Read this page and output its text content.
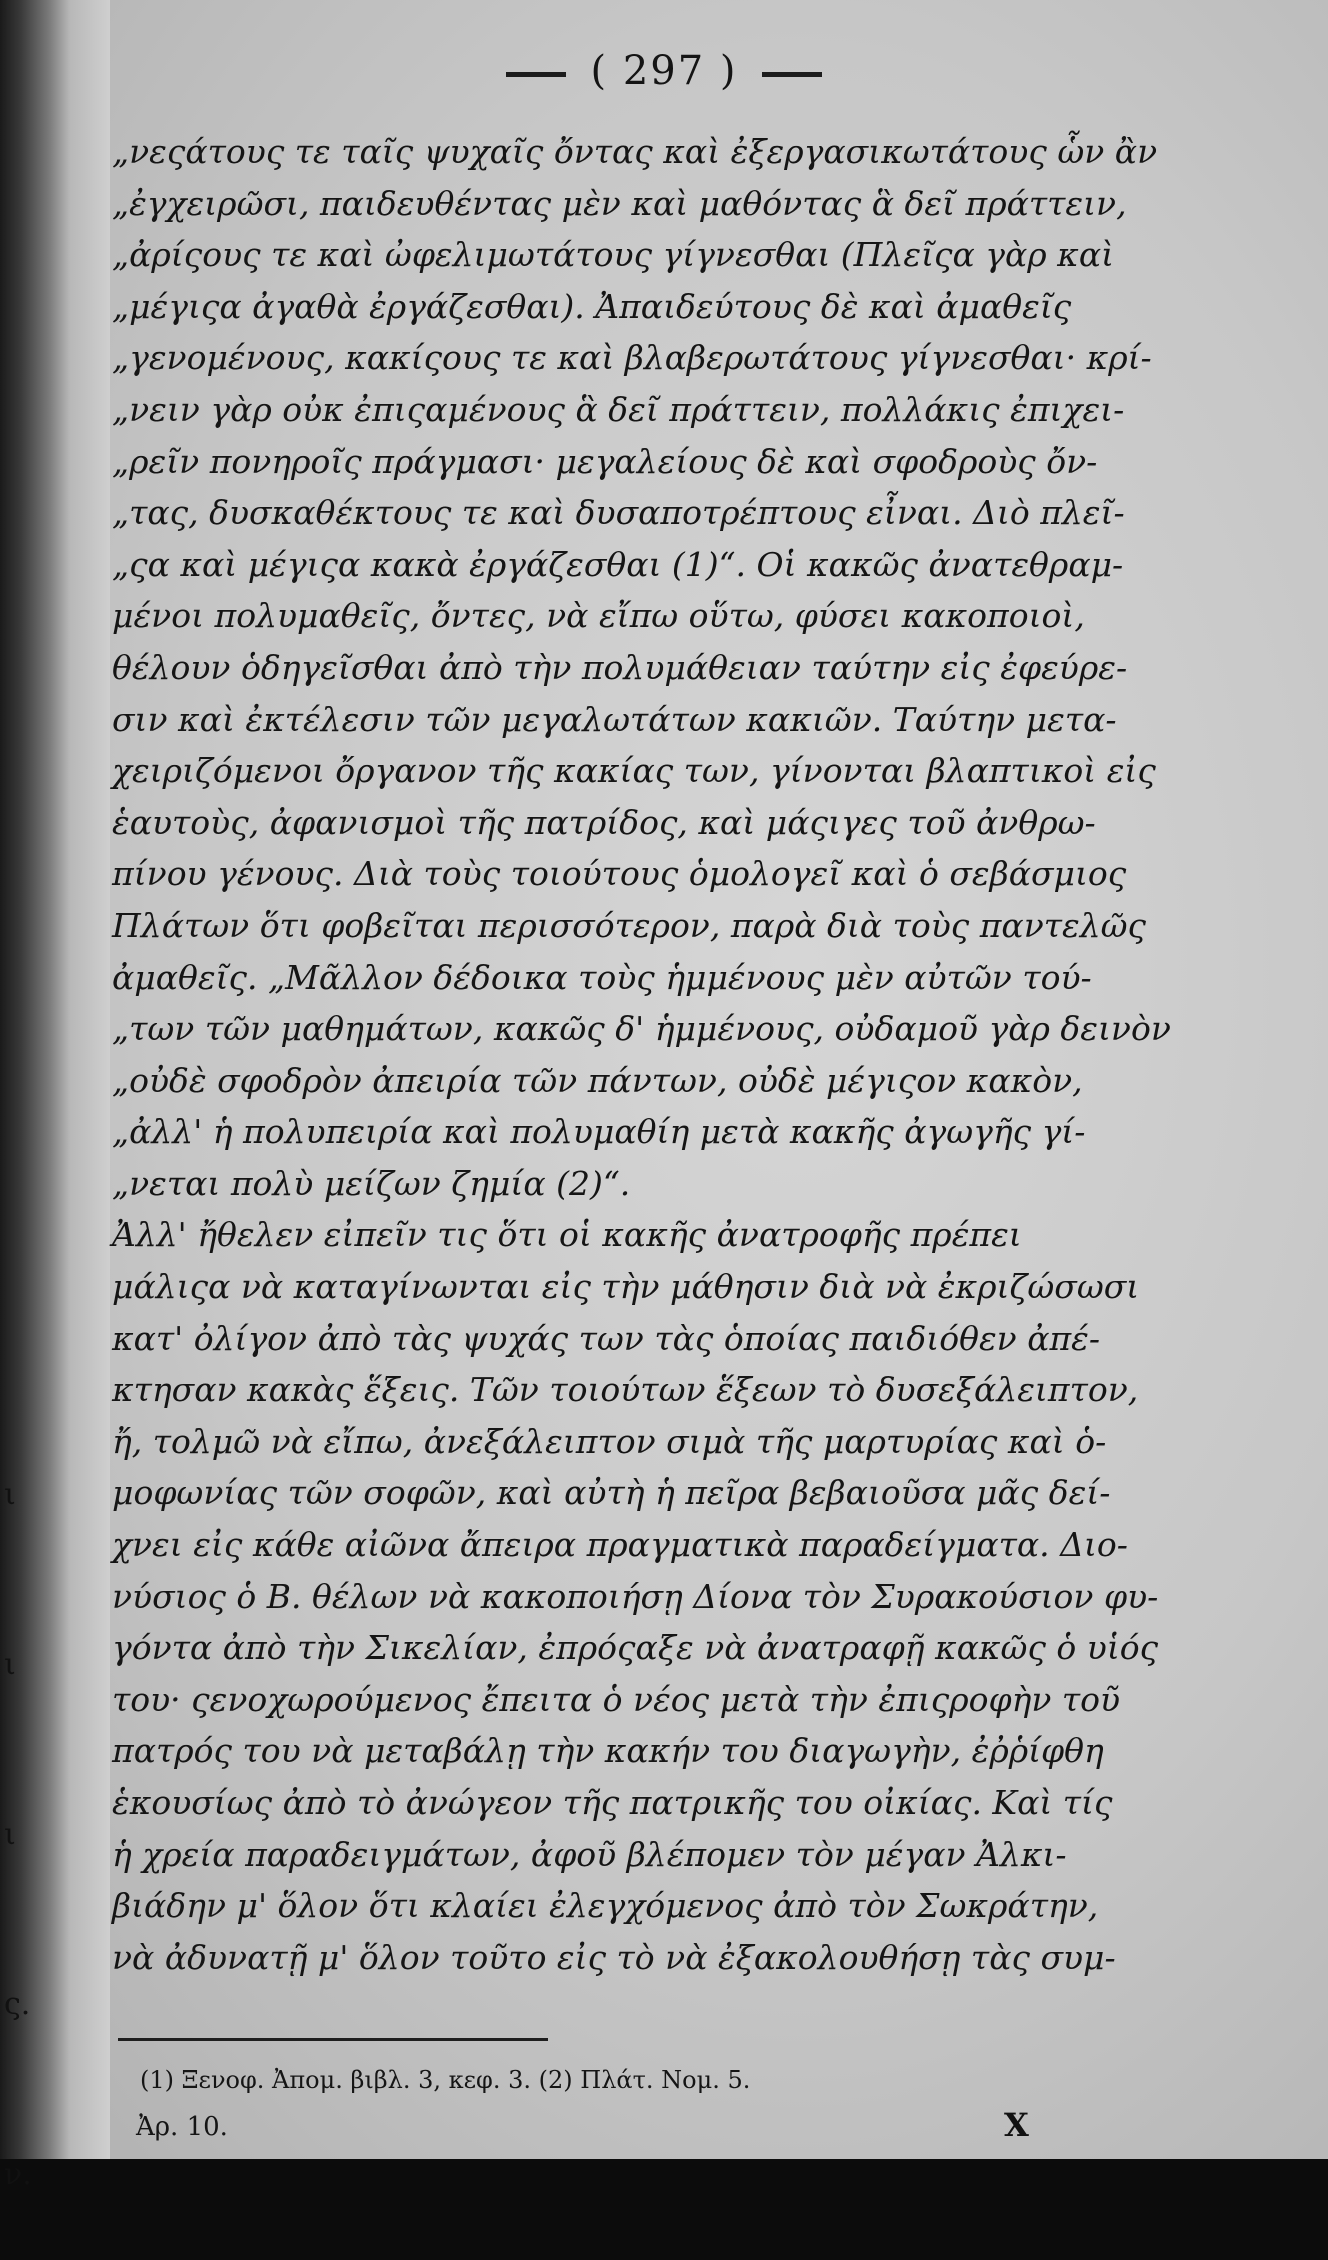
ι
ι
ι
ς.
ν.
( 297 )
„νεςάτους τε ταῖς ψυχαῖς ὄντας καὶ ἐξεργασικωτάτους ὧν ἂν
„ἐγχειρῶσι, παιδευθέντας μὲν καὶ μαθόντας ἃ δεῖ πράττειν,
„ἀρίςους τε καὶ ὠφελιμωτάτους γίγνεσθαι (Πλεῖςα γὰρ καὶ
„μέγιςα ἀγαθὰ ἐργάζεσθαι). Ἀπαιδεύτους δὲ καὶ ἀμαθεῖς
„γενομένους, κακίςους τε καὶ βλαβερωτάτους γίγνεσθαι· κρί-
„νειν γὰρ οὐκ ἐπιςαμένους ἃ δεῖ πράττειν, πολλάκις ἐπιχει-
„ρεῖν πονηροῖς πράγμασι· μεγαλείους δὲ καὶ σφοδροὺς ὄν-
„τας, δυσκαθέκτους τε καὶ δυσαποτρέπτους εἶναι. Διὸ πλεῖ-
„ςα καὶ μέγιςα κακὰ ἐργάζεσθαι (1)“. Οἱ κακῶς ἀνατεθραμ-
μένοι πολυμαθεῖς, ὄντες, νὰ εἴπω οὕτω, φύσει κακοποιοὶ,
θέλουν ὁδηγεῖσθαι ἀπὸ τὴν πολυμάθειαν ταύτην εἰς ἐφεύρε-
σιν καὶ ἐκτέλεσιν τῶν μεγαλωτάτων κακιῶν. Ταύτην μετα-
χειριζόμενοι ὄργανον τῆς κακίας των, γίνονται βλαπτικοὶ εἰς
ἑαυτοὺς, ἀφανισμοὶ τῆς πατρίδος, καὶ μάςιγες τοῦ ἀνθρω-
πίνου γένους. Διὰ τοὺς τοιούτους ὁμολογεῖ καὶ ὁ σεβάσμιος
Πλάτων ὅτι φοβεῖται περισσότερον, παρὰ διὰ τοὺς παντελῶς
ἀμαθεῖς. „Μᾶλλον δέδοικα τοὺς ἡμμένους μὲν αὐτῶν τού-
„των τῶν μαθημάτων, κακῶς δ' ἡμμένους, οὐδαμοῦ γὰρ δεινὸν
„οὐδὲ σφοδρὸν ἀπειρία τῶν πάντων, οὐδὲ μέγιςον κακὸν,
„ἀλλ' ἡ πολυπειρία καὶ πολυμαθίη μετὰ κακῆς ἀγωγῆς γί-
„νεται πολὺ μείζων ζημία (2)“.
Ἀλλ' ἤθελεν εἰπεῖν τις ὅτι οἱ κακῆς ἀνατροφῆς πρέπει
μάλιςα νὰ καταγίνωνται εἰς τὴν μάθησιν διὰ νὰ ἐκριζώσωσι
κατ' ὀλίγον ἀπὸ τὰς ψυχάς των τὰς ὁποίας παιδιόθεν ἀπέ-
κτησαν κακὰς ἕξεις. Τῶν τοιούτων ἕξεων τὸ δυσεξάλειπτον,
ἤ, τολμῶ νὰ εἴπω, ἀνεξάλειπτον σιμὰ τῆς μαρτυρίας καὶ ὁ-
μοφωνίας τῶν σοφῶν, καὶ αὐτὴ ἡ πεῖρα βεβαιοῦσα μᾶς δεί-
χνει εἰς κάθε αἰῶνα ἄπειρα πραγματικὰ παραδείγματα. Διο-
νύσιος ὁ Β. θέλων νὰ κακοποιήσῃ Δίονα τὸν Συρακούσιον φυ-
γόντα ἀπὸ τὴν Σικελίαν, ἐπρόςαξε νὰ ἀνατραφῇ κακῶς ὁ υἱός
του· ςενοχωρούμενος ἔπειτα ὁ νέος μετὰ τὴν ἐπιςροφὴν τοῦ
πατρός του νὰ μεταβάλῃ τὴν κακήν του διαγωγὴν, ἐῤῥίφθη
ἑκουσίως ἀπὸ τὸ ἀνώγεον τῆς πατρικῆς του οἰκίας. Καὶ τίς
ἡ χρεία παραδειγμάτων, ἀφοῦ βλέπομεν τὸν μέγαν Ἀλκι-
βιάδην μ' ὅλον ὅτι κλαίει ἐλεγχόμενος ἀπὸ τὸν Σωκράτην,
νὰ ἀδυνατῇ μ' ὅλον τοῦτο εἰς τὸ νὰ ἐξακολουθήσῃ τὰς συμ-
(1) Ξενοφ. Ἀπομ. βιβλ. 3, κεφ. 3. (2) Πλάτ. Νομ. 5.
Ἀρ. 10.	X
